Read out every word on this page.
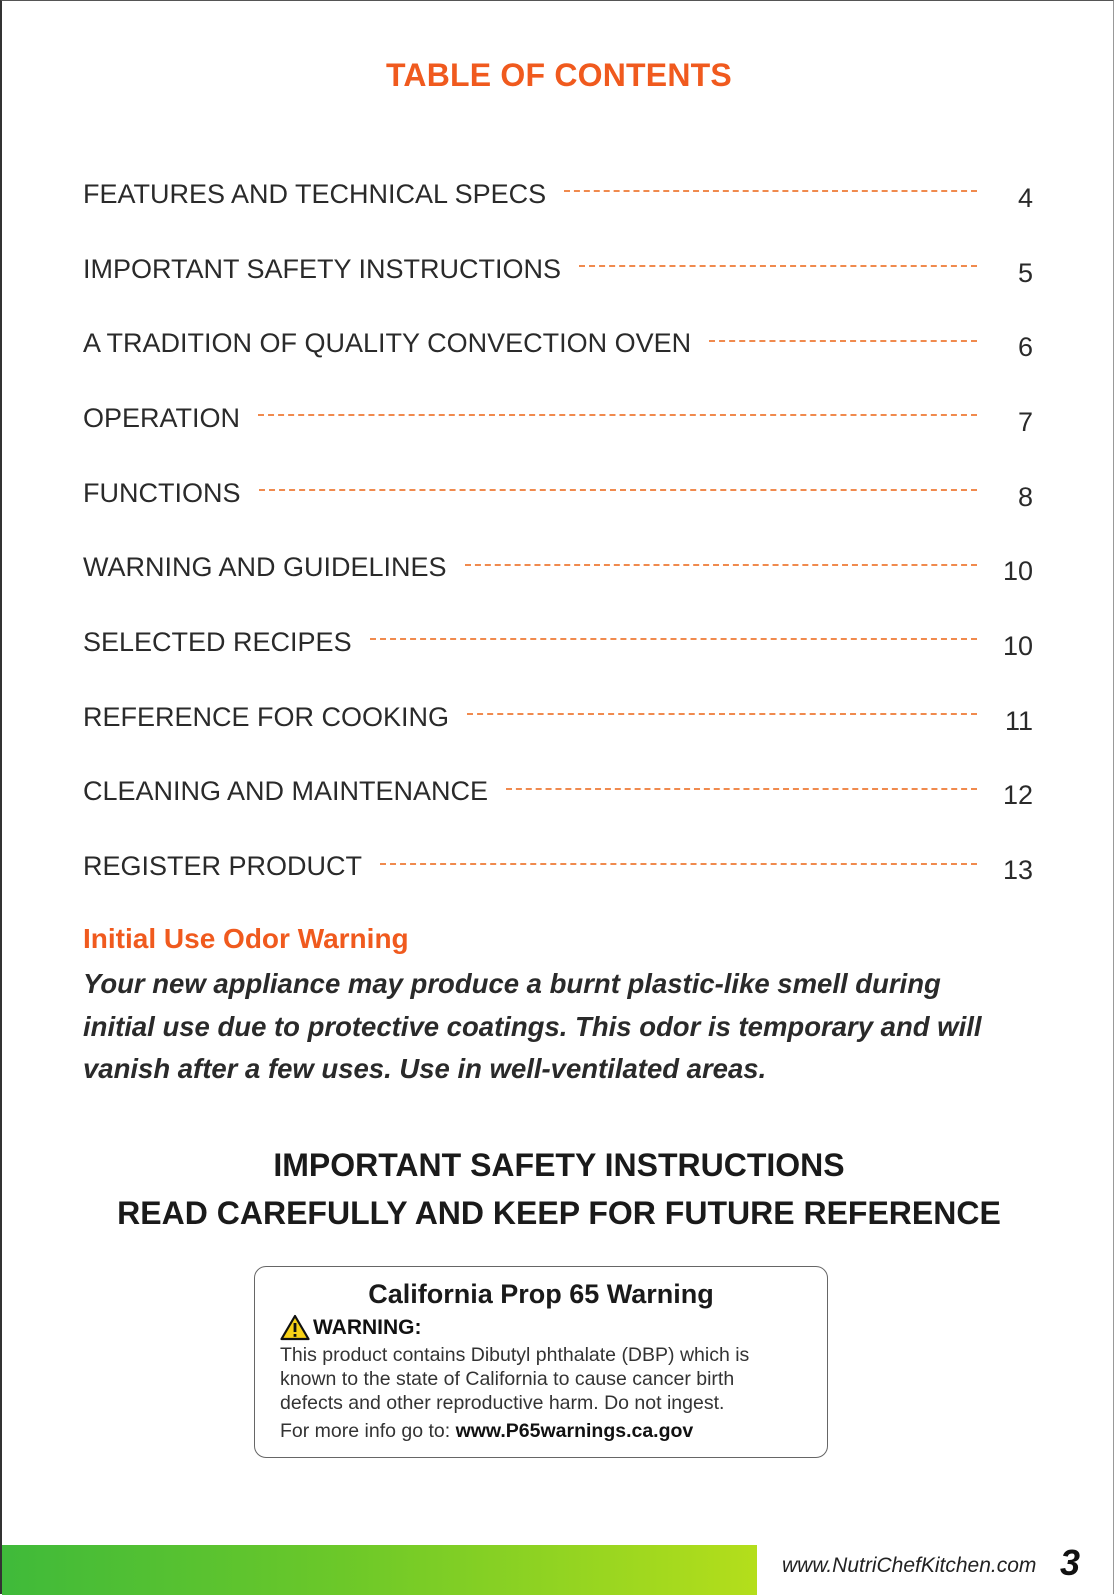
TABLE OF CONTENTS
FEATURES AND TECHNICAL SPECS	4
IMPORTANT SAFETY INSTRUCTIONS	5
A TRADITION OF QUALITY CONVECTION OVEN	6
OPERATION	7
FUNCTIONS	8
WARNING AND GUIDELINES	10
SELECTED RECIPES	10
REFERENCE FOR COOKING	11
CLEANING AND MAINTENANCE	12
REGISTER PRODUCT	13
Initial Use Odor Warning
Your new appliance may produce a burnt plastic-like smell during initial use due to protective coatings. This odor is temporary and will vanish after a few uses. Use in well-ventilated areas.
IMPORTANT SAFETY INSTRUCTIONS
READ CAREFULLY AND KEEP FOR FUTURE REFERENCE
California Prop 65 Warning
WARNING:
This product contains Dibutyl phthalate (DBP) which is known to the state of California to cause cancer birth defects and other reproductive harm. Do not ingest.
For more info go to: www.P65warnings.ca.gov
www.NutriChefKitchen.com 3
